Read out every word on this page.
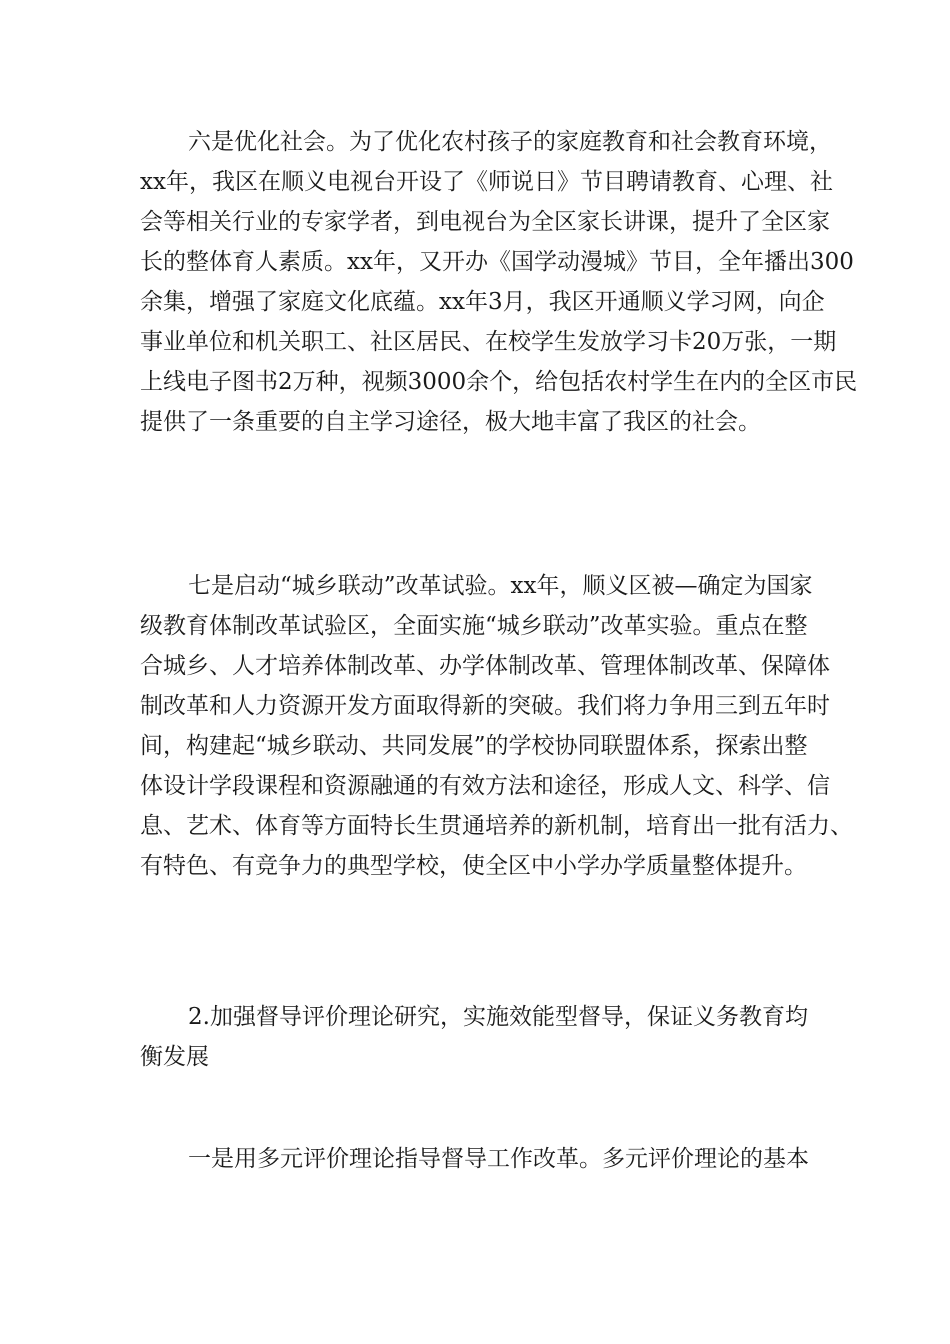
六是优化社会。为了优化农村孩子的家庭教育和社会教育环境，
xx年，我区在顺义电视台开设了《师说日》节目聘请教育、心理、社
会等相关行业的专家学者，到电视台为全区家长讲课，提升了全区家
长的整体育人素质。xx年，又开办《国学动漫城》节目，全年播出300
余集，增强了家庭文化底蕴。xx年3月，我区开通顺义学习网，向企
事业单位和机关职工、社区居民、在校学生发放学习卡20万张，一期
上线电子图书2万种，视频3000余个，给包括农村学生在内的全区市民
提供了一条重要的自主学习途径，极大地丰富了我区的社会。
七是启动“城乡联动”改革试验。xx年，顺义区被—确定为国家
级教育体制改革试验区，全面实施“城乡联动”改革实验。重点在整
合城乡、人才培养体制改革、办学体制改革、管理体制改革、保障体
制改革和人力资源开发方面取得新的突破。我们将力争用三到五年时
间，构建起“城乡联动、共同发展”的学校协同联盟体系，探索出整
体设计学段课程和资源融通的有效方法和途径，形成人文、科学、信
息、艺术、体育等方面特长生贯通培养的新机制，培育出一批有活力、
有特色、有竞争力的典型学校，使全区中小学办学质量整体提升。
2.加强督导评价理论研究，实施效能型督导，保证义务教育均
衡发展
一是用多元评价理论指导督导工作改革。多元评价理论的基本
